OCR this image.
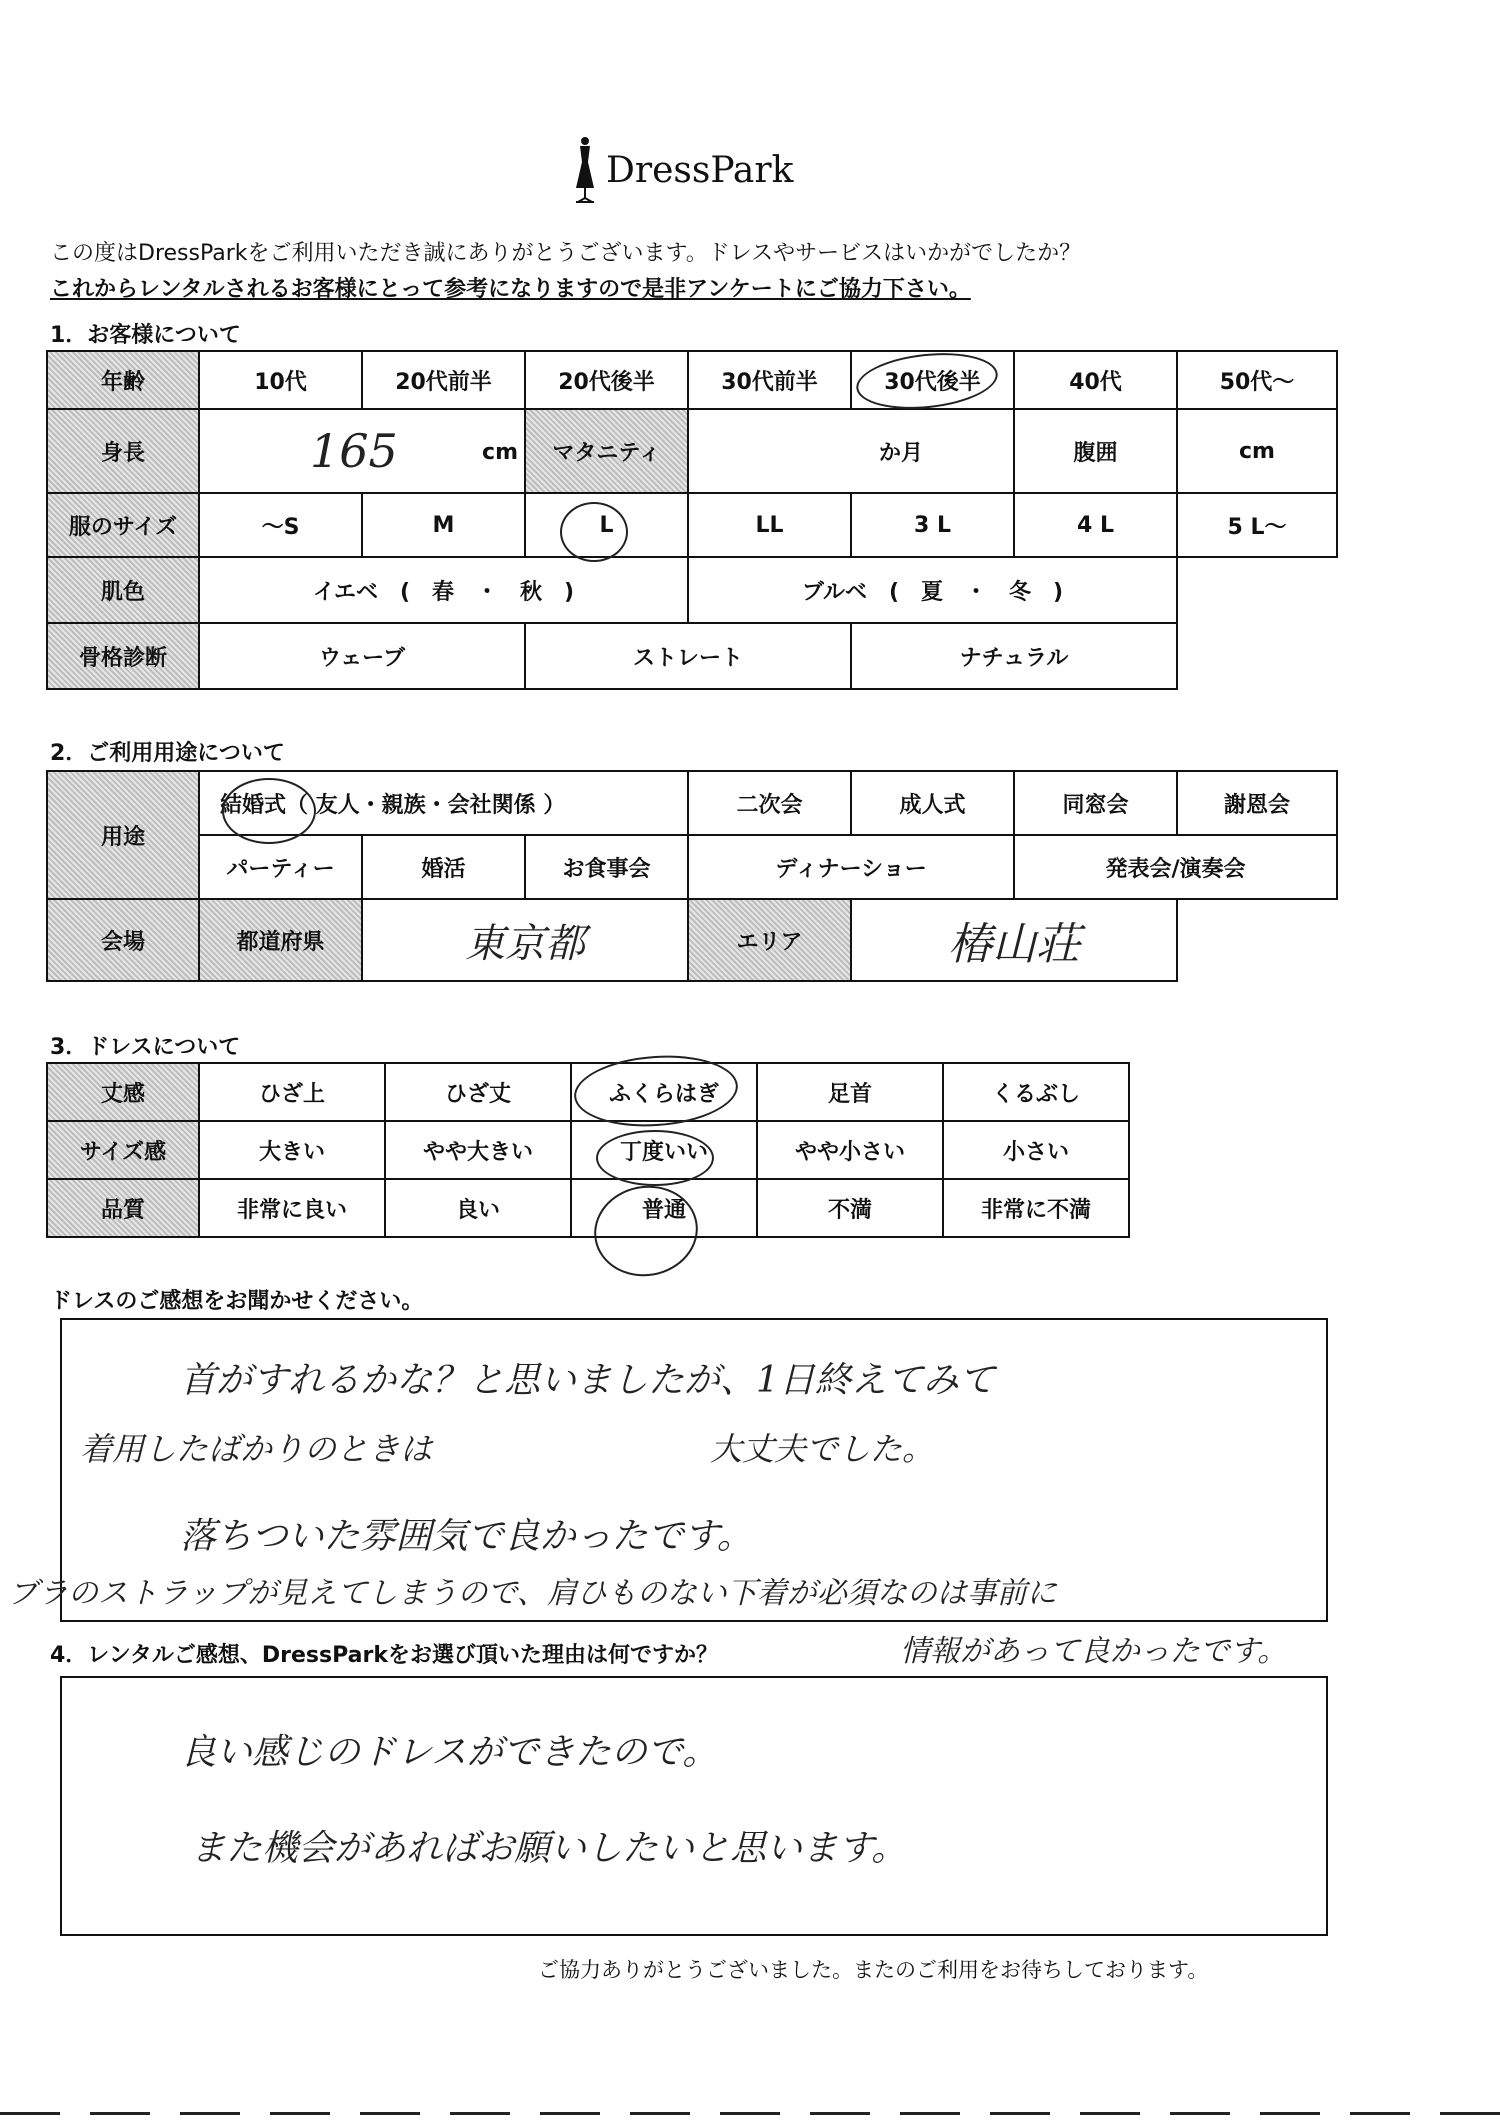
DressPark
この度はDressParkをご利用いただき誠にありがとうございます。ドレスやサービスはいかがでしたか？
これからレンタルされるお客様にとって参考になりますので是非アンケートにご協力下さい。
1．お客様について
年齢	10代	20代前半	20代後半	30代前半	30代後半	40代	50代～
身長	165 cm		マタニティ	か月		腹囲	cm
服のサイズ	～S	M	L	LL	3 L	4 L	5 L～
肌色	イエベ　(　春　・　秋　)			ブルベ　(　夏　・　冬　)			
骨格診断	ウェーブ		ストレート		ナチュラル		
2．ご利用用途について
用途	結婚式（ 友人・親族・会社関係 ）			二次会	成人式	同窓会	謝恩会
	パーティー	婚活	お食事会	ディナーショー		発表会/演奏会	
会場	都道府県	東京都		エリア	椿山荘		
3．ドレスについて
丈感	ひざ上	ひざ丈	ふくらはぎ	足首	くるぶし
サイズ感	大きい	やや大きい	丁度いい	やや小さい	小さい
品質	非常に良い	良い	普通	不満	非常に不満
ドレスのご感想をお聞かせください。
首がすれるかな？と思いましたが、1日終えてみて
着用したばかりのときは	大丈夫でした。
落ちついた雰囲気で良かったです。
ブラのストラップが見えてしまうので、肩ひものない下着が必須なのは事前に
情報があって良かったです。
4．レンタルご感想、DressParkをお選び頂いた理由は何ですか？
良い感じのドレスができたので。
また機会があればお願いしたいと思います。
ご協力ありがとうございました。またのご利用をお待ちしております。
